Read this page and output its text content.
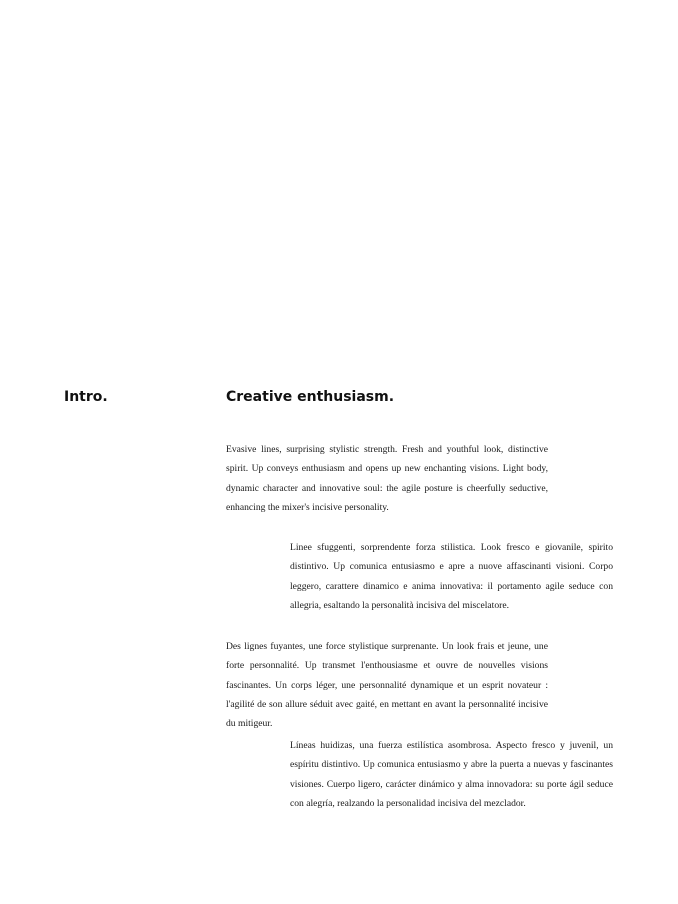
Intro.	Creative enthusiasm.

Evasive lines, surprising stylistic strength. Fresh and youthful look, distinctive spirit. Up conveys enthusiasm and opens up new enchanting visions. Light body, dynamic character and innovative soul: the agile posture is cheerfully seductive, enhancing the mixer's incisive personality.

Linee sfuggenti, sorprendente forza stilistica. Look fresco e giovanile, spirito distintivo. Up comunica entusiasmo e apre a nuove affascinanti visioni. Corpo leggero, carattere dinamico e anima innovativa: il portamento agile seduce con allegria, esaltando la personalità incisiva del miscelatore.

Des lignes fuyantes, une force stylistique surprenante. Un look frais et jeune, une forte personnalité. Up transmet l'enthousiasme et ouvre de nouvelles visions fascinantes. Un corps léger, une personnalité dynamique et un esprit novateur : l'agilité de son allure séduit avec gaité, en mettant en avant la personnalité incisive du mitigeur.

Líneas huidizas, una fuerza estilística asombrosa. Aspecto fresco y juvenil, un espíritu distintivo. Up comunica entusiasmo y abre la puerta a nuevas y fascinantes visiones. Cuerpo ligero, carácter dinámico y alma innovadora: su porte ágil seduce con alegría, realzando la personalidad incisiva del mezclador.
